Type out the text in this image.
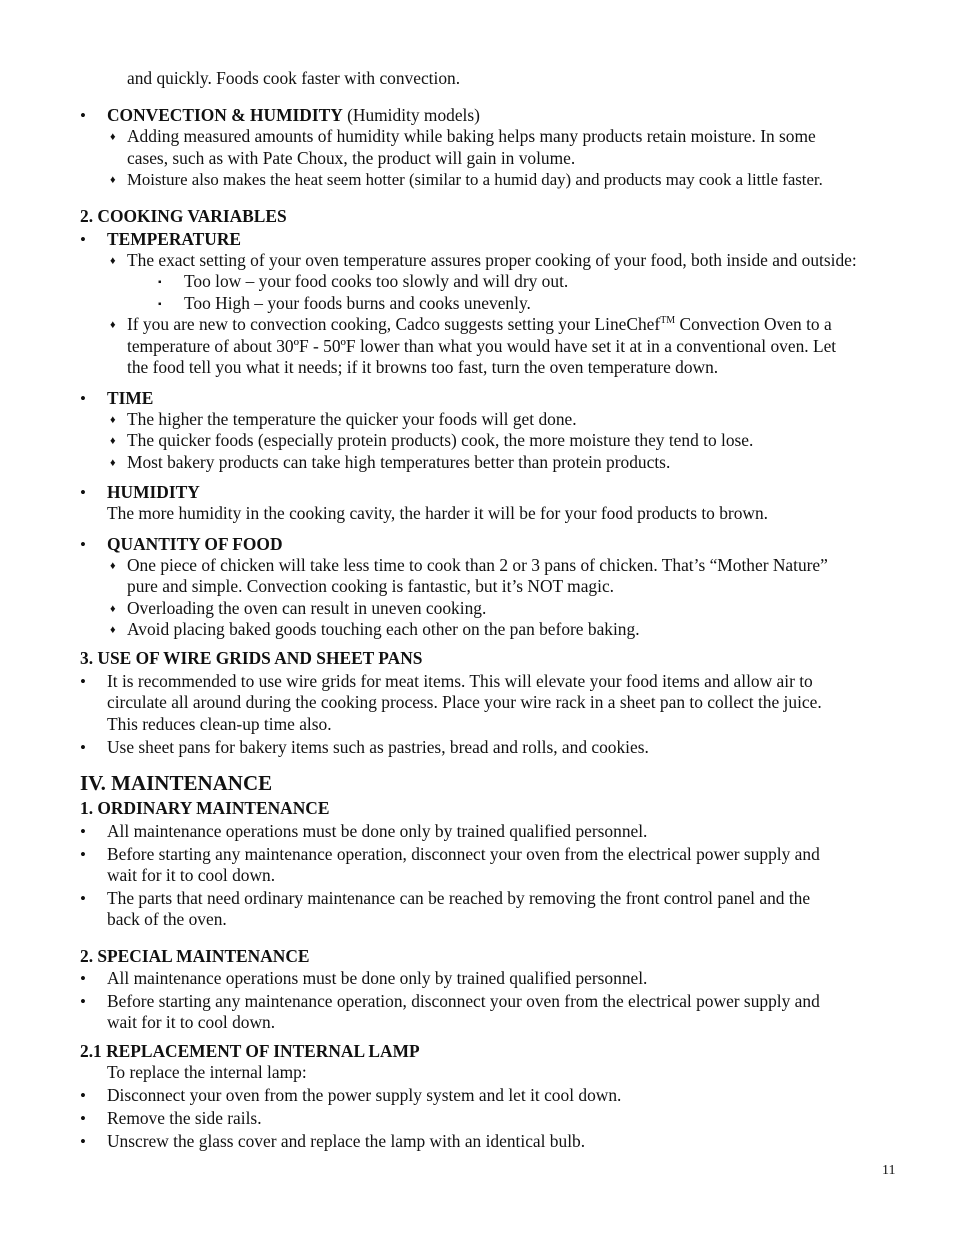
and quickly. Foods cook faster with convection.
• CONVECTION & HUMIDITY (Humidity models)
♦ Adding measured amounts of humidity while baking helps many products retain moisture. In some
cases, such as with Pate Choux, the product will gain in volume.
♦ Moisture also makes the heat seem hotter (similar to a humid day) and products may cook a little faster.
2. COOKING VARIABLES
• TEMPERATURE
♦ The exact setting of your oven temperature assures proper cooking of your food, both inside and outside:
▪ Too low – your food cooks too slowly and will dry out.
▪ Too High – your foods burns and cooks unevenly.
♦ If you are new to convection cooking, Cadco suggests setting your LineChef™ Convection Oven to a
temperature of about 30ºF - 50ºF lower than what you would have set it at in a conventional oven. Let
the food tell you what it needs; if it browns too fast, turn the oven temperature down.
• TIME
♦ The higher the temperature the quicker your foods will get done.
♦ The quicker foods (especially protein products) cook, the more moisture they tend to lose.
♦ Most bakery products can take high temperatures better than protein products.
• HUMIDITY
The more humidity in the cooking cavity, the harder it will be for your food products to brown.
• QUANTITY OF FOOD
♦ One piece of chicken will take less time to cook than 2 or 3 pans of chicken. That’s “Mother Nature”
pure and simple. Convection cooking is fantastic, but it’s NOT magic.
♦ Overloading the oven can result in uneven cooking.
♦ Avoid placing baked goods touching each other on the pan before baking.
3. USE OF WIRE GRIDS AND SHEET PANS
• It is recommended to use wire grids for meat items. This will elevate your food items and allow air to
circulate all around during the cooking process. Place your wire rack in a sheet pan to collect the juice.
This reduces clean-up time also.
• Use sheet pans for bakery items such as pastries, bread and rolls, and cookies.
IV. MAINTENANCE
1. ORDINARY MAINTENANCE
• All maintenance operations must be done only by trained qualified personnel.
• Before starting any maintenance operation, disconnect your oven from the electrical power supply and
wait for it to cool down.
• The parts that need ordinary maintenance can be reached by removing the front control panel and the
back of the oven.
2. SPECIAL MAINTENANCE
• All maintenance operations must be done only by trained qualified personnel.
• Before starting any maintenance operation, disconnect your oven from the electrical power supply and
wait for it to cool down.
2.1 REPLACEMENT OF INTERNAL LAMP
To replace the internal lamp:
• Disconnect your oven from the power supply system and let it cool down.
• Remove the side rails.
• Unscrew the glass cover and replace the lamp with an identical bulb.
11
